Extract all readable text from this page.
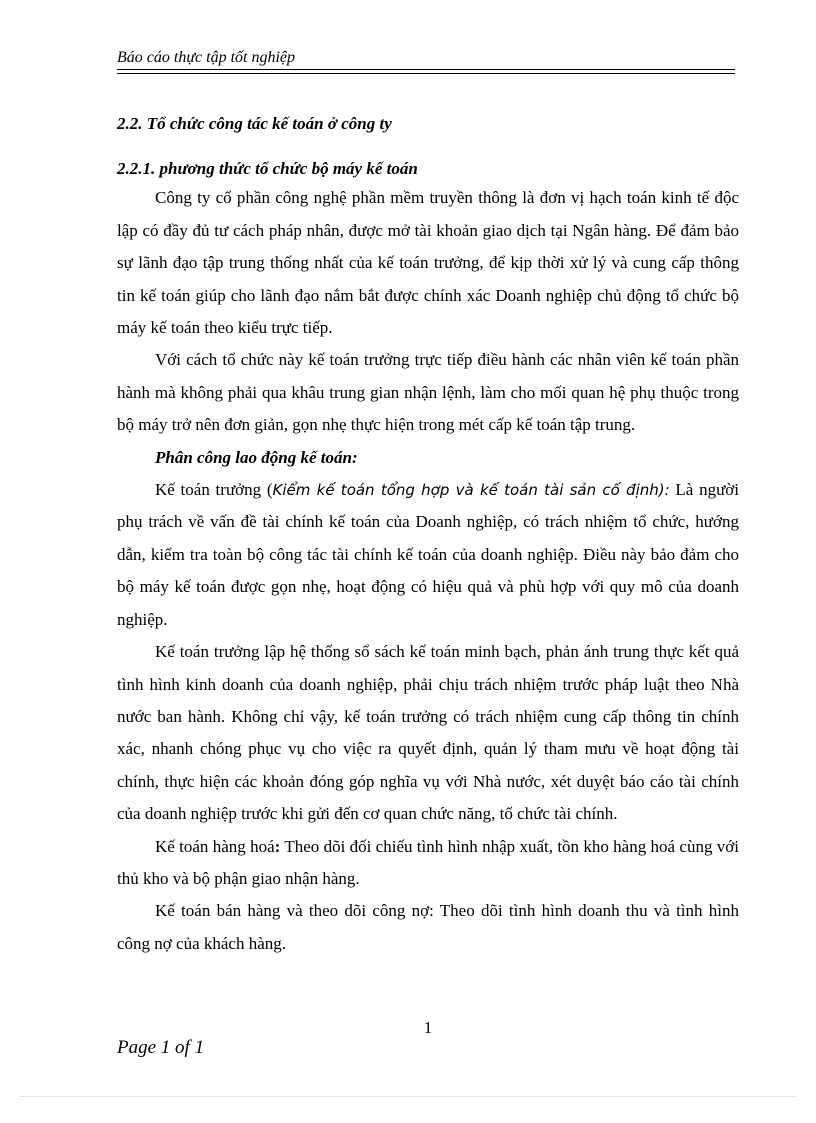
Báo cáo thực tập tốt nghiệp

2.2. Tổ chức công tác kế toán ở công ty

2.2.1. phương thức tổ chức bộ máy kế toán

Công ty cổ phần công nghệ phần mềm truyền thông là đơn vị hạch toán kinh tế độc lập có đầy đủ tư cách pháp nhân, được mở tài khoản giao dịch tại Ngân hàng. Để đảm bảo sự lãnh đạo tập trung thống nhất của kế toán trưởng, để kịp thời xử lý và cung cấp thông tin kế toán giúp cho lãnh đạo nắm bắt được chính xác Doanh nghiệp chủ động tổ chức bộ máy kế toán theo kiểu trực tiếp.

Với cách tổ chức này kế toán trưởng trực tiếp điều hành các nhân viên kế toán phần hành mà không phải qua khâu trung gian nhận lệnh, làm cho mối quan hệ phụ thuộc trong bộ máy trở nên đơn giản, gọn nhẹ thực hiện trong mét cấp kế toán tập trung.

Phân công lao động kế toán:

Kế toán trưởng (Kiểm kế toán tổng hợp và kế toán tài sản cố định): Là người phụ trách về vấn đề tài chính kế toán của Doanh nghiệp, có trách nhiệm tổ chức, hướng dẫn, kiểm tra toàn bộ công tác tài chính kế toán của doanh nghiệp. Điều này bảo đảm cho bộ máy kế toán được gọn nhẹ, hoạt động có hiệu quả và phù hợp với quy mô của doanh nghiệp.

Kế toán trưởng lập hệ thống sổ sách kế toán minh bạch, phản ánh trung thực kết quả tình hình kinh doanh của doanh nghiệp, phải chịu trách nhiệm trước pháp luật theo Nhà nước ban hành. Không chỉ vậy, kế toán trưởng có trách nhiệm cung cấp thông tin chính xác, nhanh chóng phục vụ cho việc ra quyết định, quản lý tham mưu về hoạt động tài chính, thực hiện các khoản đóng góp nghĩa vụ với Nhà nước, xét duyệt báo cáo tài chính của doanh nghiệp trước khi gửi đến cơ quan chức năng, tổ chức tài chính.

Kế toán hàng hoá: Theo dõi đối chiếu tình hình nhập xuất, tồn kho hàng hoá cùng với thủ kho và bộ phận giao nhận hàng.

Kế toán bán hàng và theo dõi công nợ: Theo dõi tình hình doanh thu và tình hình công nợ của khách hàng.

1
Page 1 of 1
